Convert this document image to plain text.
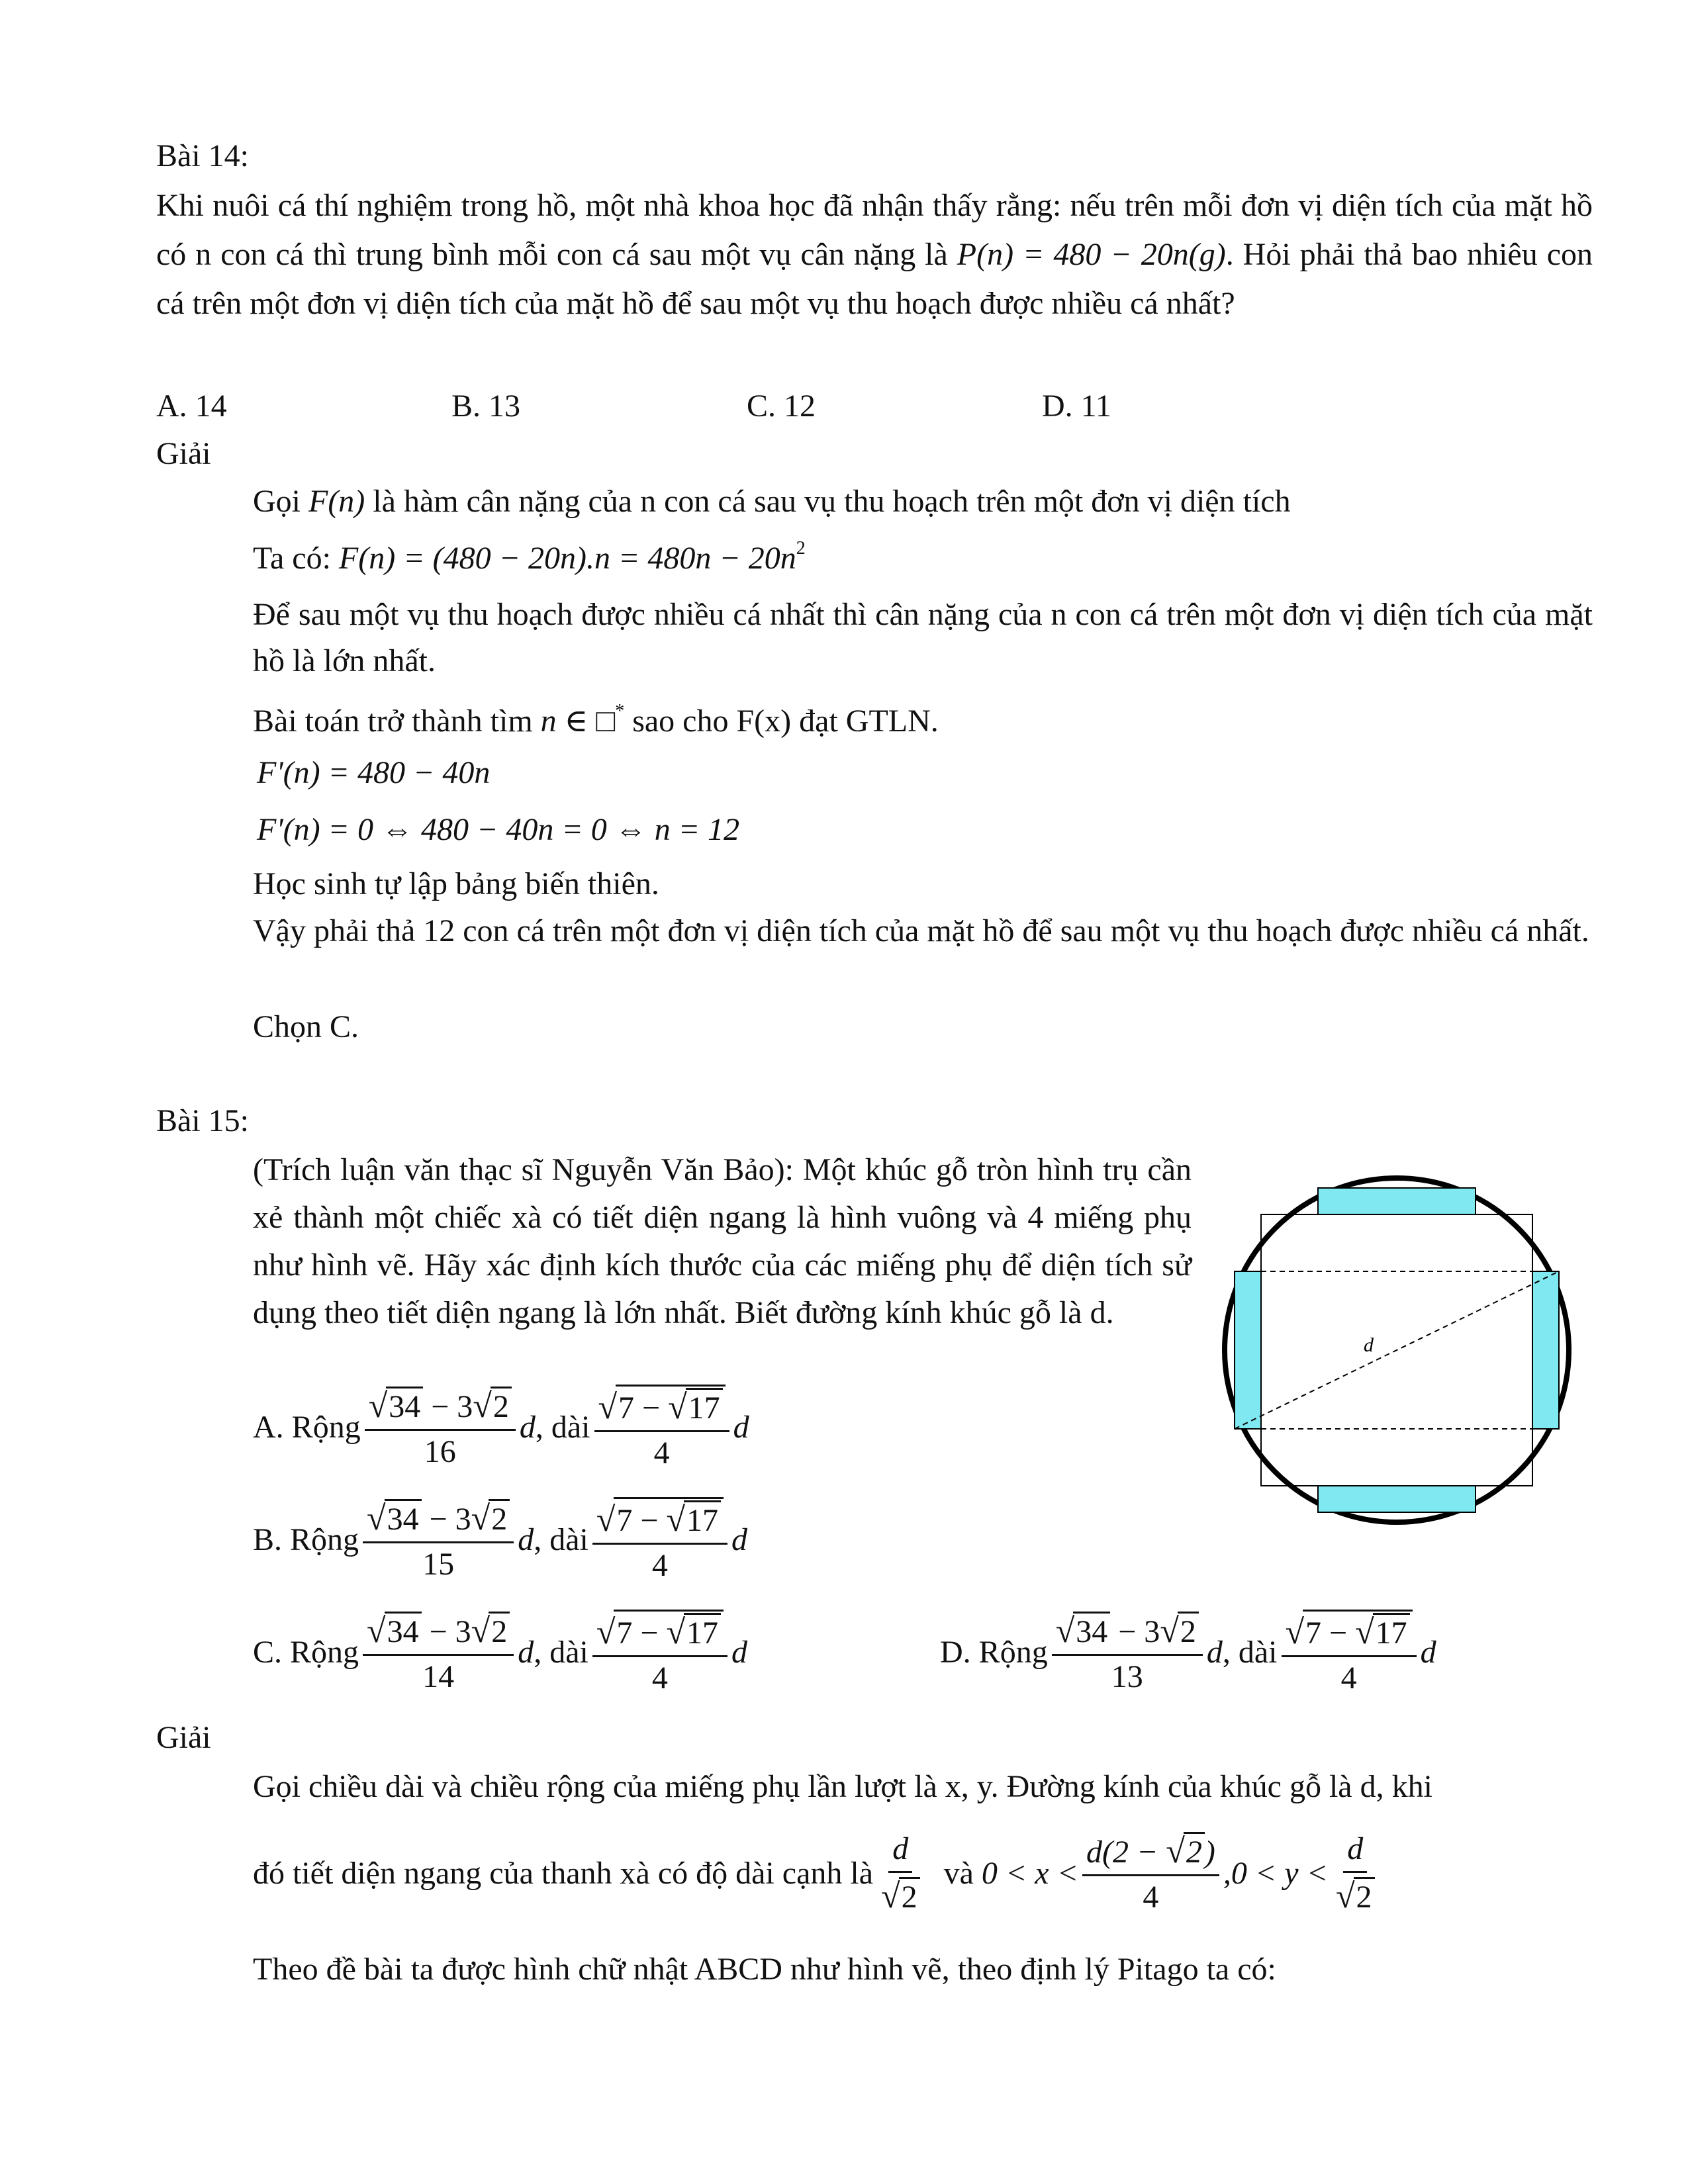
Bài 14:
Khi nuôi cá thí nghiệm trong hồ, một nhà khoa học đã nhận thấy rằng: nếu trên mỗi đơn vị diện tích của mặt hồ có n con cá thì trung bình mỗi con cá sau một vụ cân nặng là P(n) = 480 − 20n(g). Hỏi phải thả bao nhiêu con cá trên một đơn vị diện tích của mặt hồ để sau một vụ thu hoạch được nhiều cá nhất?
A. 14	B. 13	C. 12	D. 11
Giải
Gọi F(n) là hàm cân nặng của n con cá sau vụ thu hoạch trên một đơn vị diện tích
Ta có: $F(n) = (480 - 20n).n = 480n - 20n^2$
Để sau một vụ thu hoạch được nhiều cá nhất thì cân nặng của n con cá trên một đơn vị diện tích của mặt hồ là lớn nhất.
Bài toán trở thành tìm n ∈ □* sao cho F(x) đạt GTLN.
F'(n) = 480 − 40n
F'(n) = 0 ⇔ 480 − 40n = 0 ⇔ n = 12
Học sinh tự lập bảng biến thiên.
Vậy phải thả 12 con cá trên một đơn vị diện tích của mặt hồ để sau một vụ thu hoạch được nhiều cá nhất.
Chọn C.
Bài 15:
(Trích luận văn thạc sĩ Nguyễn Văn Bảo): Một khúc gỗ tròn hình trụ cần xẻ thành một chiếc xà có tiết diện ngang là hình vuông và 4 miếng phụ như hình vẽ. Hãy xác định kích thước của các miếng phụ để diện tích sử dụng theo tiết diện ngang là lớn nhất. Biết đường kính khúc gỗ là d.
d
A.
Rộng $\frac{√34 - 3√2}{16}$ d , dài $\frac{√7 - √17}{4}$ d
B.
Rộng $\frac{√34 - 3√2}{15}$ d , dài $\frac{√7 - √17}{4}$ d
C.
Rộng $\frac{√34 - 3√2}{14}$ d , dài $\frac{√7 - √17}{4}$ d	D.
Rộng $\frac{√34 - 3√2}{13}$ d , dài $\frac{√7 - √17}{4}$ d
Giải
Gọi chiều dài và chiều rộng của miếng phụ lần lượt là x, y. Đường kính của khúc gỗ là d, khi
đó tiết diện ngang của thanh xà có độ dài cạnh là $\frac{d}{√2}$
và
$0 < x < \frac{d(2 - √2)}{4} ,0 < y < \frac{d}{√2}$
Theo đề bài ta được hình chữ nhật ABCD như hình vẽ, theo định lý Pitago ta có:
